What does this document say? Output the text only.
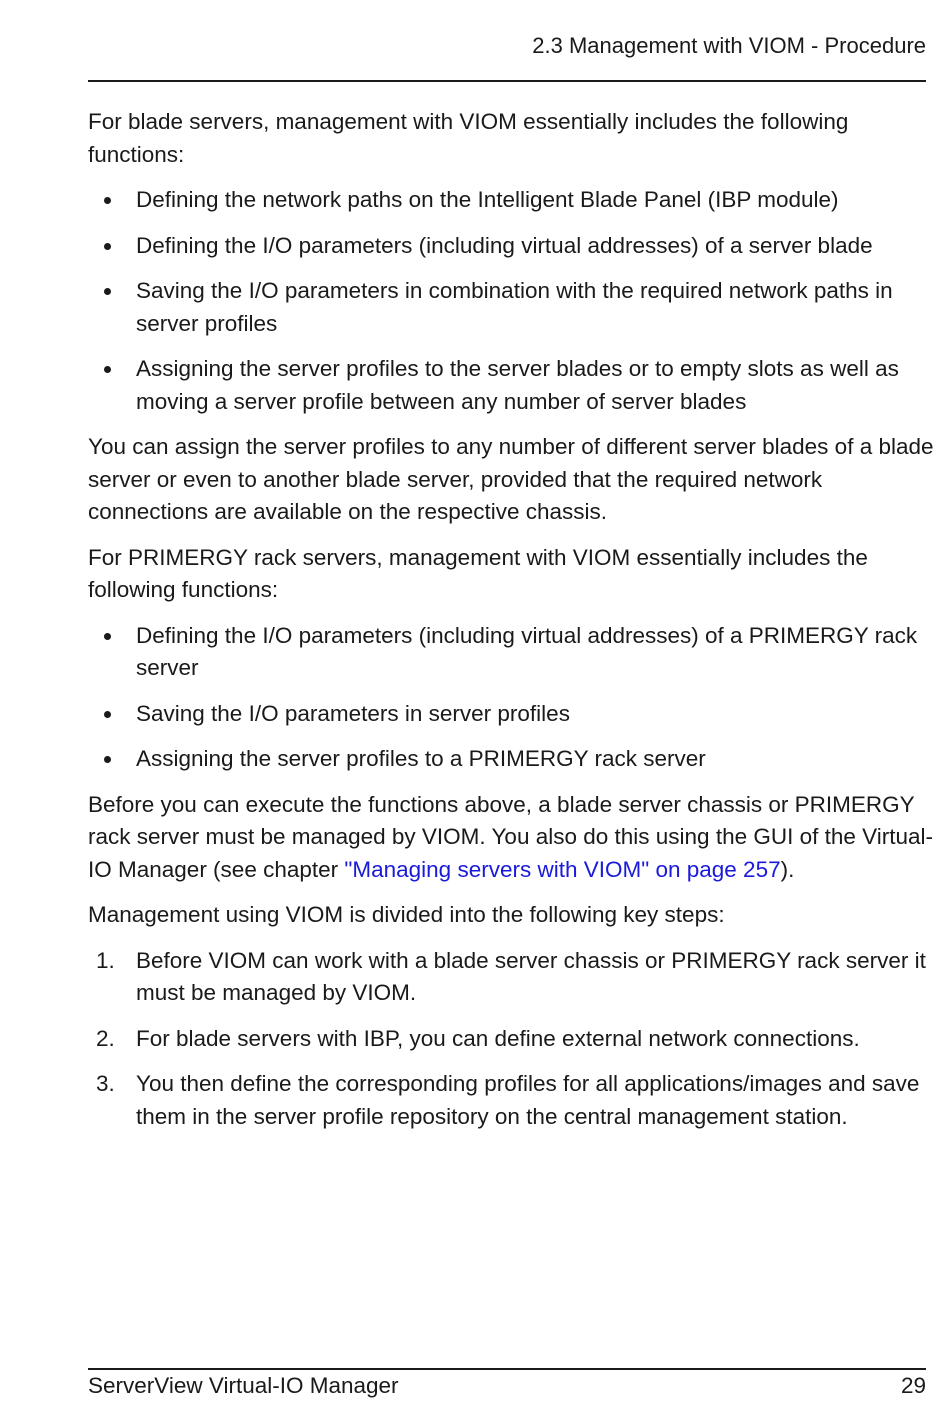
2.3 Management with VIOM - Procedure

For blade servers, management with VIOM essentially includes the following functions:

Defining the network paths on the Intelligent Blade Panel (IBP module)
Defining the I/O parameters (including virtual addresses) of a server blade
Saving the I/O parameters in combination with the required network paths in server profiles
Assigning the server profiles to the server blades or to empty slots as well as moving a server profile between any number of server blades

You can assign the server profiles to any number of different server blades of a blade server or even to another blade server, provided that the required network connections are available on the respective chassis.

For PRIMERGY rack servers, management with VIOM essentially includes the following functions:

Defining the I/O parameters (including virtual addresses) of a PRIMERGY rack server
Saving the I/O parameters in server profiles
Assigning the server profiles to a PRIMERGY rack server

Before you can execute the functions above, a blade server chassis or PRIMERGY rack server must be managed by VIOM. You also do this using the GUI of the Virtual-IO Manager (see chapter "Managing servers with VIOM" on page 257).

Management using VIOM is divided into the following key steps:

1. Before VIOM can work with a blade server chassis or PRIMERGY rack server it must be managed by VIOM.
2. For blade servers with IBP, you can define external network connections.
3. You then define the corresponding profiles for all applications/images and save them in the server profile repository on the central management station.
ServerView Virtual-IO Manager	29
